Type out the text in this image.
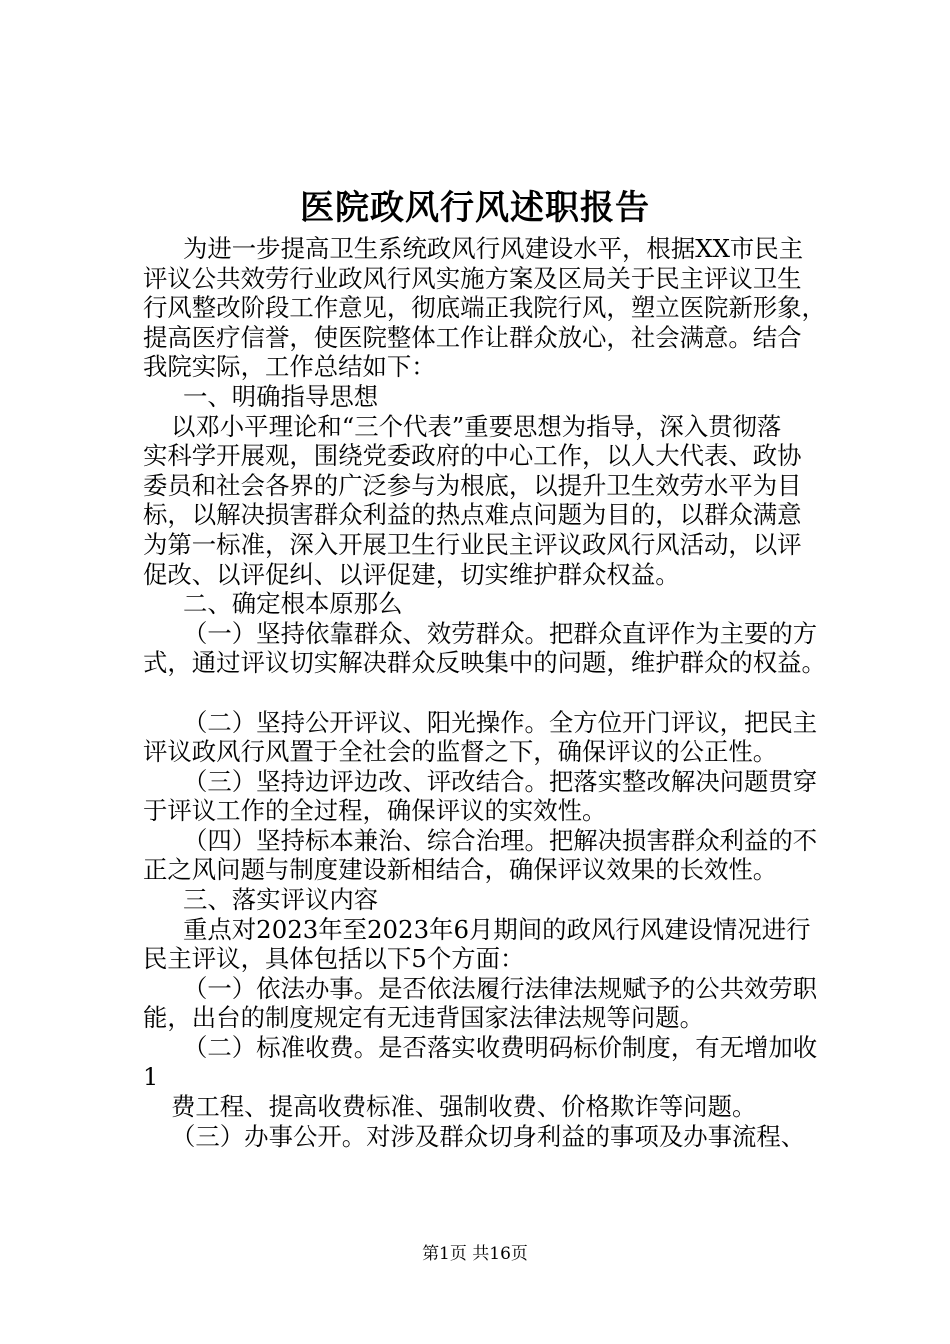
医院政风行风述职报告
为进一步提高卫生系统政风行风建设水平，根据XX市民主
评议公共效劳行业政风行风实施方案及区局关于民主评议卫生
行风整改阶段工作意见，彻底端正我院行风，塑立医院新形象，
提高医疗信誉，使医院整体工作让群众放心，社会满意。结合
我院实际，工作总结如下：
一、明确指导思想
以邓小平理论和“三个代表”重要思想为指导，深入贯彻落
实科学开展观，围绕党委政府的中心工作，以人大代表、政协
委员和社会各界的广泛参与为根底，以提升卫生效劳水平为目
标，以解决损害群众利益的热点难点问题为目的，以群众满意
为第一标准，深入开展卫生行业民主评议政风行风活动，以评
促改、以评促纠、以评促建，切实维护群众权益。
二、确定根本原那么
（一）坚持依靠群众、效劳群众。把群众直评作为主要的方
式，通过评议切实解决群众反映集中的问题，维护群众的权益。
（二）坚持公开评议、阳光操作。全方位开门评议，把民主
评议政风行风置于全社会的监督之下，确保评议的公正性。
（三）坚持边评边改、评改结合。把落实整改解决问题贯穿
于评议工作的全过程，确保评议的实效性。
（四）坚持标本兼治、综合治理。把解决损害群众利益的不
正之风问题与制度建设新相结合，确保评议效果的长效性。
三、落实评议内容
重点对2023年至2023年6月期间的政风行风建设情况进行
民主评议，具体包括以下5个方面：
（一）依法办事。是否依法履行法律法规赋予的公共效劳职
能，出台的制度规定有无违背国家法律法规等问题。
（二）标准收费。是否落实收费明码标价制度，有无增加收
1
费工程、提高收费标准、强制收费、价格欺诈等问题。
（三）办事公开。对涉及群众切身利益的事项及办事流程、
第1页 共16页
